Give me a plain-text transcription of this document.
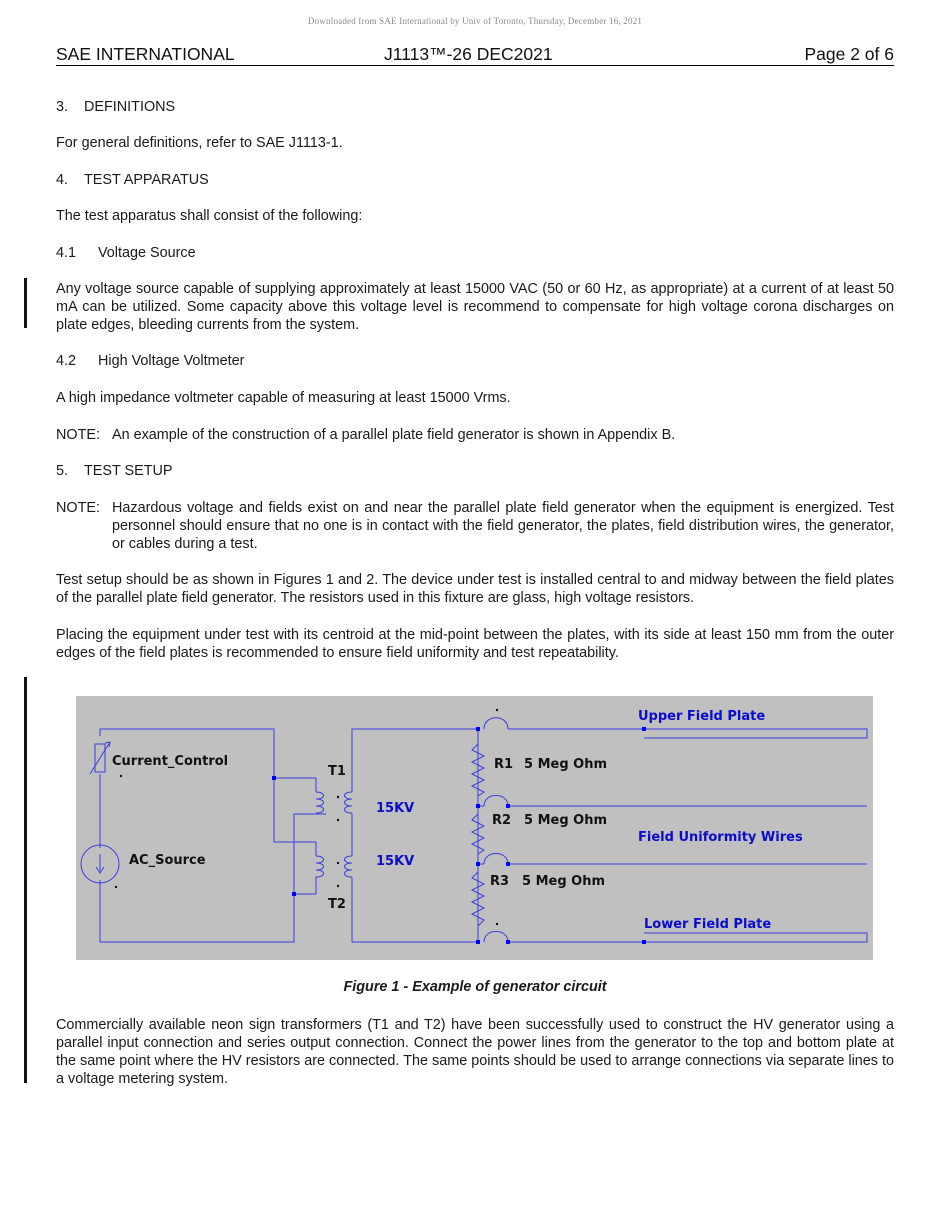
Downloaded from SAE International by Univ of Toronto, Thursday, December 16, 2021
SAE INTERNATIONAL	J1113™-26 DEC2021	Page 2 of 6
3. DEFINITIONS
For general definitions, refer to SAE J1113-1.
4. TEST APPARATUS
The test apparatus shall consist of the following:
4.1 Voltage Source
Any voltage source capable of supplying approximately at least 15000 VAC (50 or 60 Hz, as appropriate) at a current of at least 50 mA can be utilized. Some capacity above this voltage level is recommend to compensate for high voltage corona discharges on plate edges, bleeding currents from the system.
4.2 High Voltage Voltmeter
A high impedance voltmeter capable of measuring at least 15000 Vrms.
NOTE: An example of the construction of a parallel plate field generator is shown in Appendix B.
5. TEST SETUP
NOTE: Hazardous voltage and fields exist on and near the parallel plate field generator when the equipment is energized. Test personnel should ensure that no one is in contact with the field generator, the plates, field distribution wires, the generator, or cables during a test.
Test setup should be as shown in Figures 1 and 2. The device under test is installed central to and midway between the field plates of the parallel plate field generator. The resistors used in this fixture are glass, high voltage resistors.
Placing the equipment under test with its centroid at the mid-point between the plates, with its side at least 150 mm from the outer edges of the field plates is recommended to ensure field uniformity and test repeatability.
Current_Control
AC_Source
T1
T2
15KV
15KV
R1 5 Meg Ohm
R2 5 Meg Ohm
R3 5 Meg Ohm
Upper Field Plate
Field Uniformity Wires
Lower Field Plate
Figure 1 - Example of generator circuit
Commercially available neon sign transformers (T1 and T2) have been successfully used to construct the HV generator using a parallel input connection and series output connection. Connect the power lines from the generator to the top and bottom plate at the same point where the HV resistors are connected. The same points should be used to arrange connections via separate lines to a voltage metering system.
